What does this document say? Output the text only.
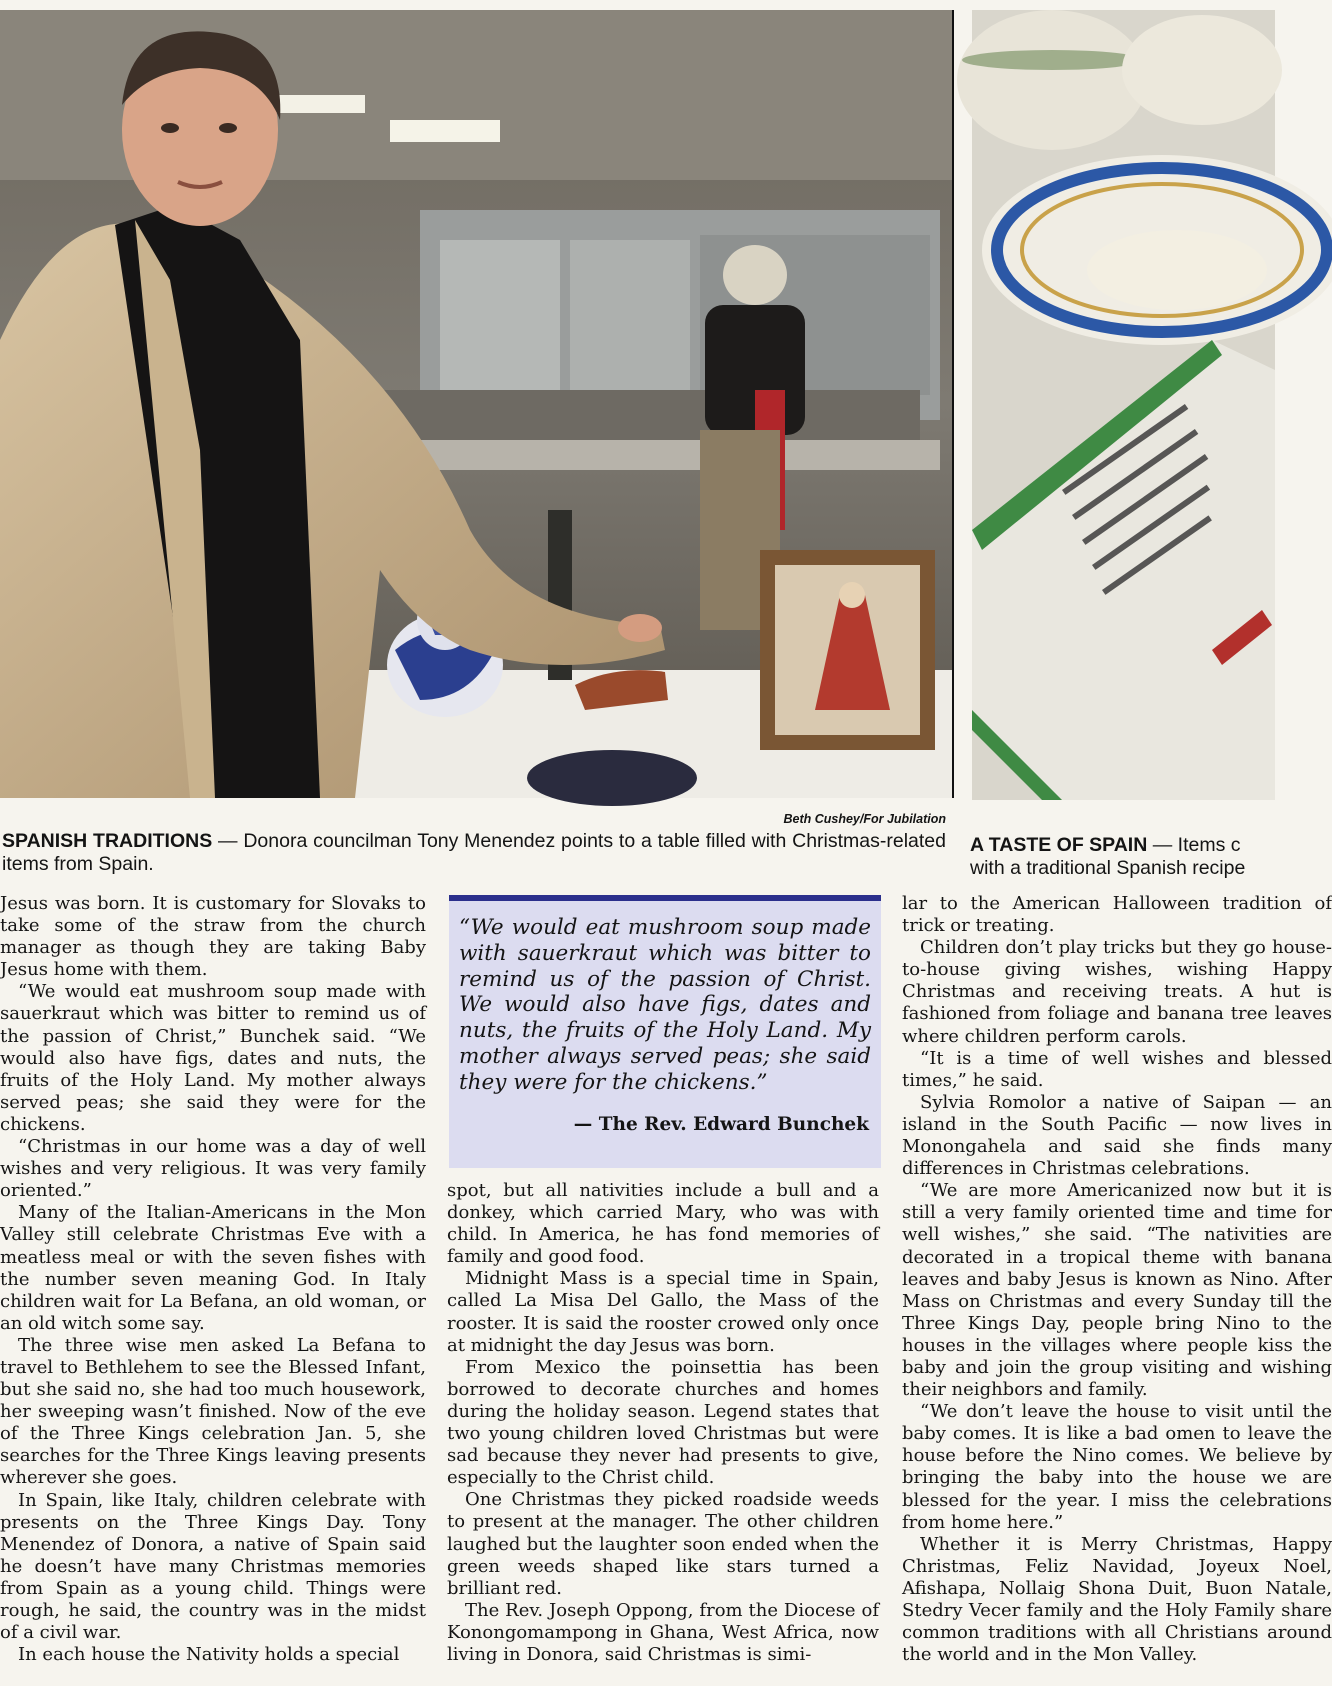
Beth Cushey/For Jubilation
SPANISH TRADITIONS — Donora councilman Tony Menendez points to a table filled with Christmas-related items from Spain.
A TASTE OF SPAIN — Items c
with a traditional Spanish recipe

Jesus was born. It is customary for Slovaks to take some of the straw from the church manager as though they are taking Baby Jesus home with them.

“We would eat mushroom soup made with sauerkraut which was bitter to remind us of the passion of Christ,” Bunchek said. “We would also have figs, dates and nuts, the fruits of the Holy Land. My mother always served peas; she said they were for the chickens.

“Christmas in our home was a day of well wishes and very religious. It was very family oriented.”

Many of the Italian-Americans in the Mon Valley still celebrate Christmas Eve with a meatless meal or with the seven fishes with the number seven meaning God. In Italy children wait for La Befana, an old woman, or an old witch some say.

The three wise men asked La Befana to travel to Bethlehem to see the Blessed Infant, but she said no, she had too much housework, her sweeping wasn’t finished. Now of the eve of the Three Kings celebration Jan. 5, she searches for the Three Kings leaving presents wherever she goes.

In Spain, like Italy, children celebrate with presents on the Three Kings Day. Tony Menendez of Donora, a native of Spain said he doesn’t have many Christmas memories from Spain as a young child. Things were rough, he said, the country was in the midst of a civil war.

In each house the Nativity holds a special

“We would eat mushroom soup made with sauerkraut which was bitter to remind us of the passion of Christ. We would also have figs, dates and nuts, the fruits of the Holy Land. My mother always served peas; she said they were for the chickens.”

— The Rev. Edward Bunchek

spot, but all nativities include a bull and a donkey, which carried Mary, who was with child. In America, he has fond memories of family and good food.

Midnight Mass is a special time in Spain, called La Misa Del Gallo, the Mass of the rooster. It is said the rooster crowed only once at midnight the day Jesus was born.

From Mexico the poinsettia has been borrowed to decorate churches and homes during the holiday season. Legend states that two young children loved Christmas but were sad because they never had presents to give, especially to the Christ child.

One Christmas they picked roadside weeds to present at the manager. The other children laughed but the laughter soon ended when the green weeds shaped like stars turned a brilliant red.

The Rev. Joseph Oppong, from the Diocese of Konongomampong in Ghana, West Africa, now living in Donora, said Christmas is simi-

lar to the American Halloween tradition of trick or treating.

Children don’t play tricks but they go house-to-house giving wishes, wishing Happy Christmas and receiving treats. A hut is fashioned from foliage and banana tree leaves where children perform carols.

“It is a time of well wishes and blessed times,” he said.

Sylvia Romolor a native of Saipan — an island in the South Pacific — now lives in Monongahela and said she finds many differences in Christmas celebrations.

“We are more Americanized now but it is still a very family oriented time and time for well wishes,” she said. “The nativities are decorated in a tropical theme with banana leaves and baby Jesus is known as Nino. After Mass on Christmas and every Sunday till the Three Kings Day, people bring Nino to the houses in the villages where people kiss the baby and join the group visiting and wishing their neighbors and family.

“We don’t leave the house to visit until the baby comes. It is like a bad omen to leave the house before the Nino comes. We believe by bringing the baby into the house we are blessed for the year. I miss the celebrations from home here.”

Whether it is Merry Christmas, Happy Christmas, Feliz Navidad, Joyeux Noel, Afishapa, Nollaig Shona Duit, Buon Natale, Stedry Vecer family and the Holy Family share common traditions with all Christians around the world and in the Mon Valley.
